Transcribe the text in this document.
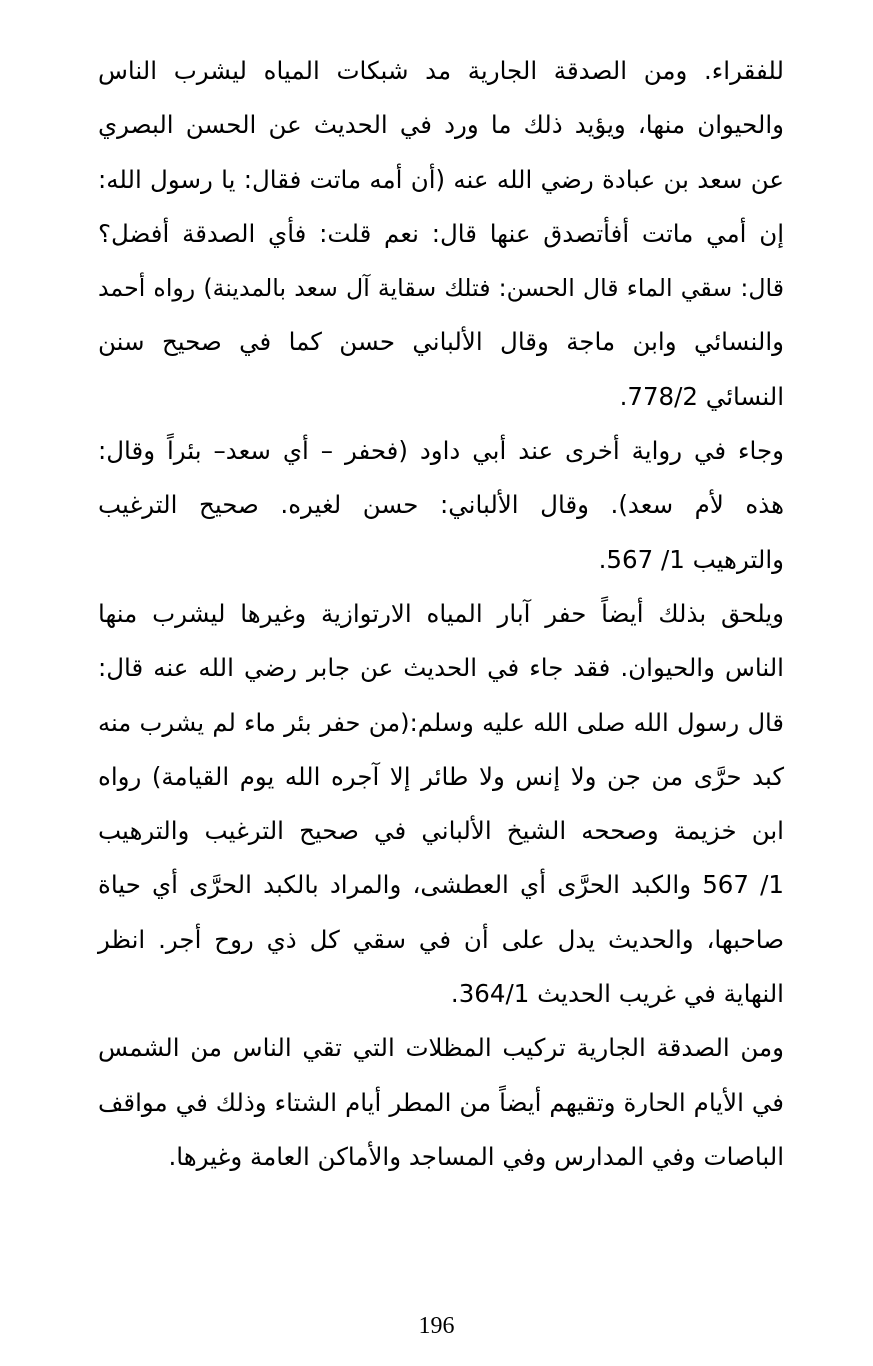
للفقراء. ومن الصدقة الجارية مد شبكات المياه ليشرب الناس
والحيوان منها، ويؤيد ذلك ما ورد في الحديث عن الحسن البصري
عن سعد بن عبادة رضي الله عنه (أن أمه ماتت فقال: يا رسول الله:
إن أمي ماتت أفأتصدق عنها قال: نعم قلت: فأي الصدقة أفضل؟
قال: سقي الماء قال الحسن: فتلك سقاية آل سعد بالمدينة) رواه أحمد
والنسائي وابن ماجة وقال الألباني حسن كما في صحيح سنن
النسائي 778/2.
وجاء في رواية أخرى عند أبي داود (فحفر – أي سعد– بئراً وقال:
هذه لأم سعد). وقال الألباني: حسن لغيره. صحيح الترغيب
والترهيب 1/ 567.
ويلحق بذلك أيضاً حفر آبار المياه الارتوازية وغيرها ليشرب منها
الناس والحيوان. فقد جاء في الحديث عن جابر رضي الله عنه قال:
قال رسول الله صلى الله عليه وسلم:(من حفر بئر ماء لم يشرب منه
كبد حرَّى من جن ولا إنس ولا طائر إلا آجره الله يوم القيامة) رواه
ابن خزيمة وصححه الشيخ الألباني في صحيح الترغيب والترهيب
1/ 567 والكبد الحرَّى أي العطشى، والمراد بالكبد الحرَّى أي حياة
صاحبها، والحديث يدل على أن في سقي كل ذي روح أجر. انظر
النهاية في غريب الحديث 364/1.
ومن الصدقة الجارية تركيب المظلات التي تقي الناس من الشمس
في الأيام الحارة وتقيهم أيضاً من المطر أيام الشتاء وذلك في مواقف
الباصات وفي المدارس وفي المساجد والأماكن العامة وغيرها.
196
